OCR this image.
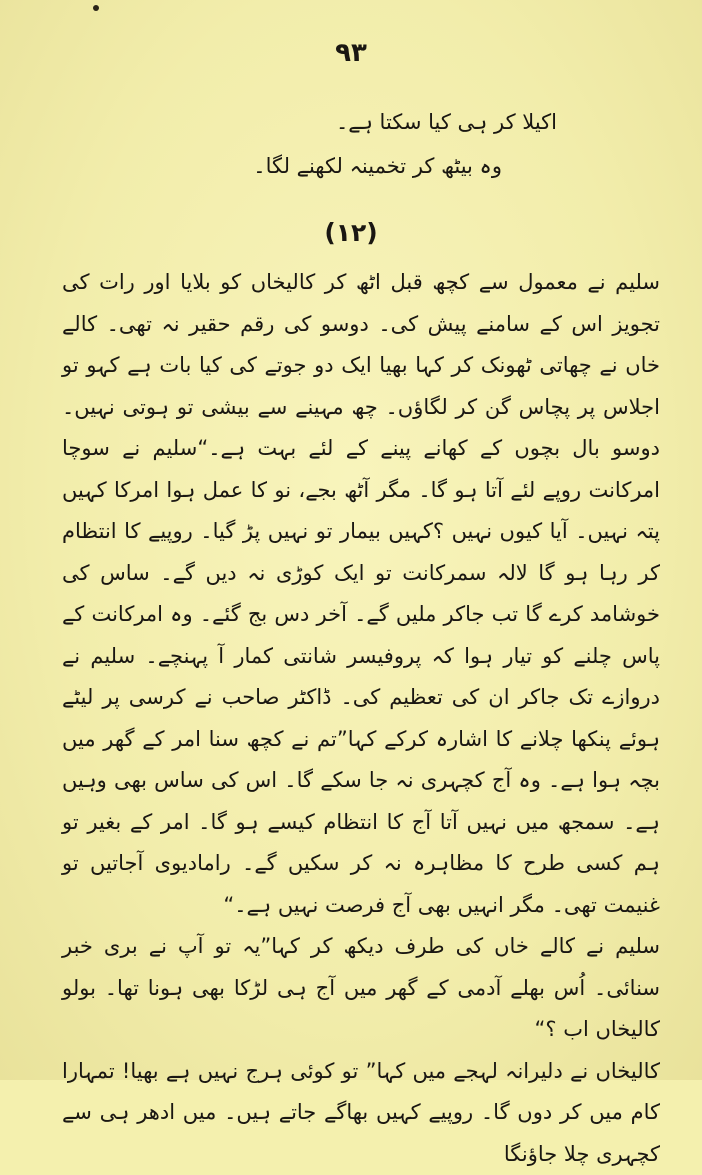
۹۳
اکیلا کر ہی کیا سکتا ہے۔
وہ بیٹھ کر تخمینہ لکھنے لگا۔
(۱۲)

سلیم نے معمول سے کچھ قبل اٹھ کر کالیخاں کو بلایا اور رات کی تجویز اس کے سامنے پیش کی۔ دوسو کی رقم حقیر نہ تھی۔ کالے خاں نے چھاتی ٹھونک کر کہا بھیا ایک دو جوتے کی کیا بات ہے کہو تو اجلاس پر پچاس گن کر لگاؤں۔ چھ مہینے سے بیشی تو ہوتی نہیں۔ دوسو بال بچوں کے کھانے پینے کے لئے بہت ہے۔“سلیم نے سوچا امرکانت روپے لئے آتا ہو گا۔ مگر آٹھ بجے، نو کا عمل ہوا امرکا کہیں پتہ نہیں۔ آیا کیوں نہیں ؟کہیں بیمار تو نہیں پڑ گیا۔ روپیے کا انتظام کر رہا ہو گا لالہ سمرکانت تو ایک کوڑی نہ دیں گے۔ ساس کی خوشامد کرے گا تب جاکر ملیں گے۔ آخر دس بج گئے۔ وہ امرکانت کے پاس چلنے کو تیار ہوا کہ پروفیسر شانتی کمار آ پہنچے۔ سلیم نے دروازے تک جاکر ان کی تعظیم کی۔ ڈاکٹر صاحب نے کرسی پر لیٹے ہوئے پنکھا چلانے کا اشارہ کرکے کہا”تم نے کچھ سنا امر کے گھر میں بچہ ہوا ہے۔ وہ آج کچہری نہ جا سکے گا۔ اس کی ساس بھی وہیں ہے۔ سمجھ میں نہیں آتا آج کا انتظام کیسے ہو گا۔ امر کے بغیر تو ہم کسی طرح کا مظاہرہ نہ کر سکیں گے۔ رامادیوی آجاتیں تو غنیمت تھی۔ مگر انہیں بھی آج فرصت نہیں ہے۔“

سلیم نے کالے خاں کی طرف دیکھ کر کہا”یہ تو آپ نے بری خبر سنائی۔ اُس بھلے آدمی کے گھر میں آج ہی لڑکا بھی ہونا تھا۔ بولو کالیخاں اب ؟“

کالیخاں نے دلیرانہ لہجے میں کہا” تو کوئی ہرج نہیں ہے بھیا! تمہارا کام میں کر دوں گا۔ روپیے کہیں بھاگے جاتے ہیں۔ میں ادھر ہی سے کچہری چلا جاؤنگا
